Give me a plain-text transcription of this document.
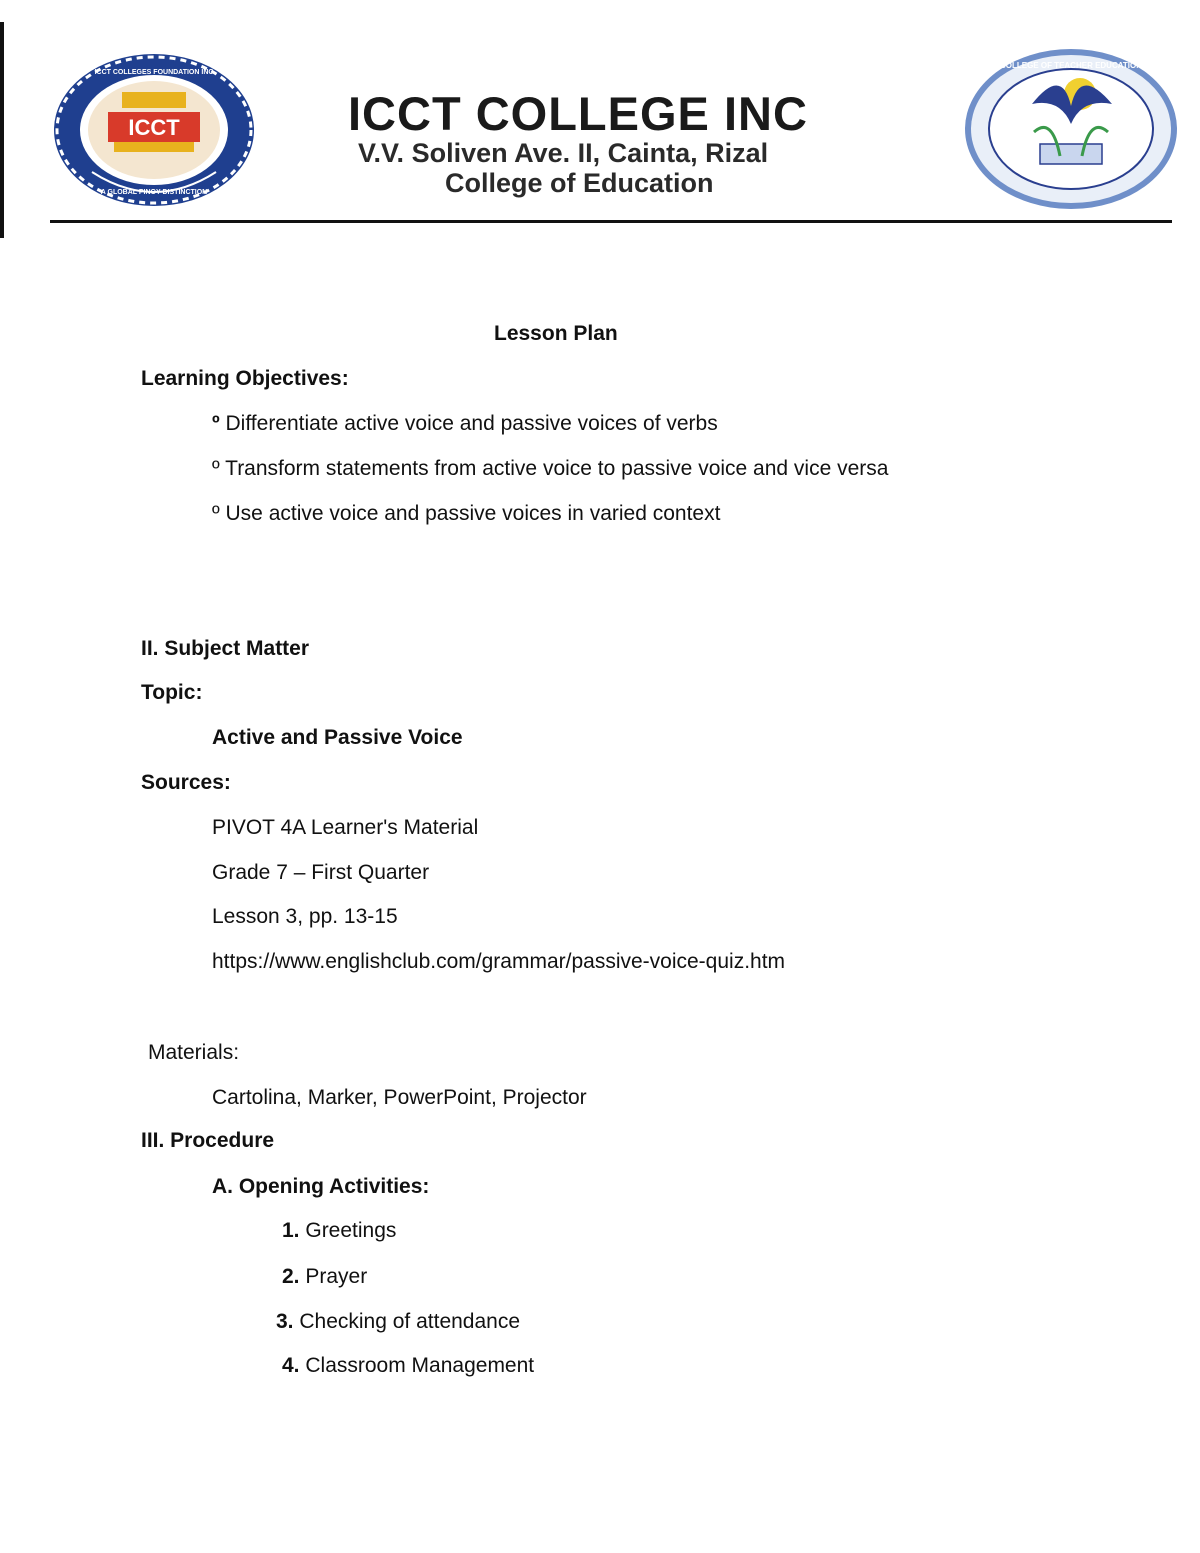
ICCT
ICCT COLLEGES FOUNDATION INC
A GLOBAL PINOY DISTINCTION
ICCT COLLEGE INC
V.V. Soliven Ave. II, Cainta, Rizal
College of Education
COLLEGE OF TEACHER EDUCATION
Lesson Plan
Learning Objectives:
º Differentiate active voice and passive voices of verbs
º Transform statements from active voice to passive voice and vice versa
º Use active voice and passive voices in varied context
II. Subject Matter
Topic:
Active and Passive Voice
Sources:
PIVOT 4A Learner's Material
Grade 7 – First Quarter
Lesson 3, pp. 13-15
https://www.englishclub.com/grammar/passive-voice-quiz.htm
Materials:
Cartolina, Marker, PowerPoint, Projector
III. Procedure
A. Opening Activities:
1. Greetings
2. Prayer
3. Checking of attendance
4. Classroom Management
